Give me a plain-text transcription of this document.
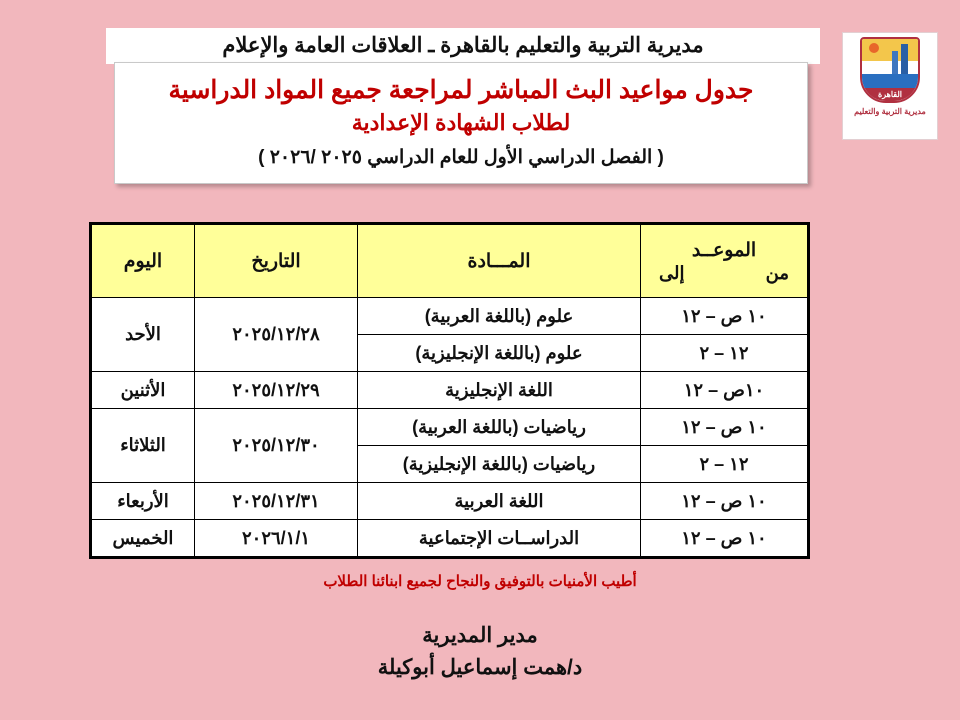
مديرية التربية والتعليم بالقاهرة ـ العلاقات العامة والإعلام
القاهرة
مديرية التربية والتعليم
جدول مواعيد البث المباشر لمراجعة جميع المواد الدراسية
لطلاب الشهادة الإعدادية
( الفصل الدراسي الأول للعام الدراسي ٢٠٢٥ /٢٠٢٦ )
الموعــد
من
إلى	المـــادة	التاريخ	اليوم
١٠ ص – ١٢	علوم (باللغة العربية)	٢٠٢٥/١٢/٢٨	الأحد
١٢ – ٢	علوم (باللغة الإنجليزية)		
١٠ص – ١٢	اللغة الإنجليزية	٢٠٢٥/١٢/٢٩	الأثنين
١٠ ص – ١٢	رياضيات (باللغة العربية)	٢٠٢٥/١٢/٣٠	الثلاثاء
١٢ – ٢	رياضيات (باللغة الإنجليزية)		
١٠ ص – ١٢	اللغة العربية	٢٠٢٥/١٢/٣١	الأربعاء
١٠ ص – ١٢	الدراســات الإجتماعية	٢٠٢٦/١/١	الخميس
أطيب الأمنيات بالتوفيق والنجاح لجميع ابنائنا الطلاب
مدير المديرية
د/همت إسماعيل أبوكيلة
